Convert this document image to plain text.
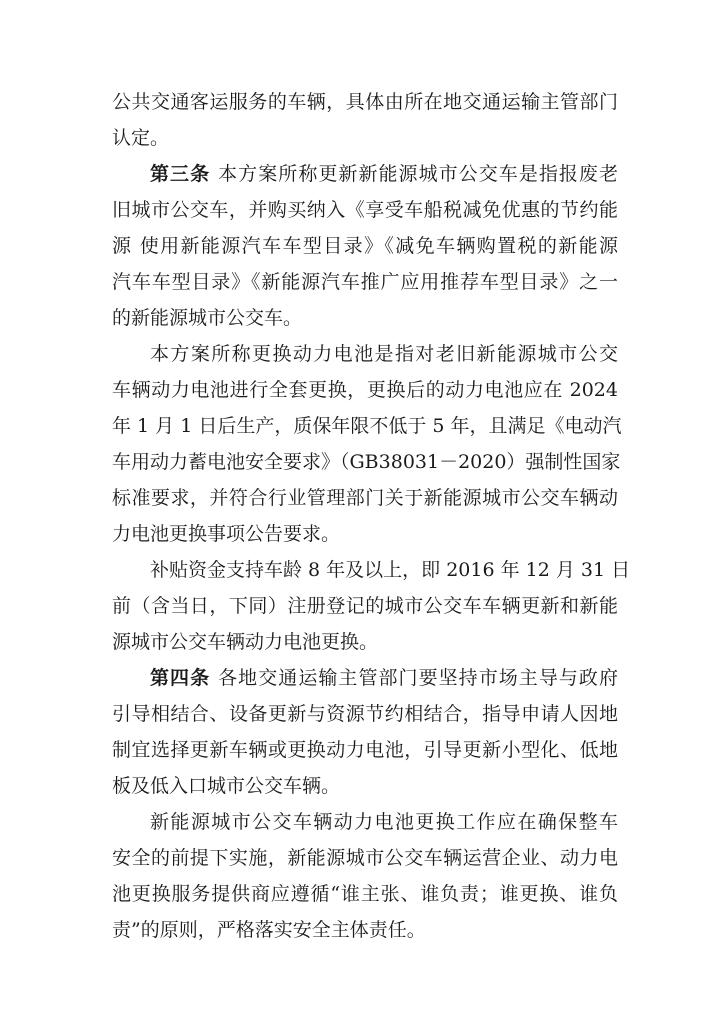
公共交通客运服务的车辆，具体由所在地交通运输主管部门
认定。
第三条 本方案所称更新新能源城市公交车是指报废老
旧城市公交车，并购买纳入《享受车船税减免优惠的节约能
源 使用新能源汽车车型目录》《减免车辆购置税的新能源
汽车车型目录》《新能源汽车推广应用推荐车型目录》之一
的新能源城市公交车。
本方案所称更换动力电池是指对老旧新能源城市公交
车辆动力电池进行全套更换，更换后的动力电池应在 2024
年 1 月 1 日后生产，质保年限不低于 5 年，且满足《电动汽
车用动力蓄电池安全要求》（GB38031－2020）强制性国家
标准要求，并符合行业管理部门关于新能源城市公交车辆动
力电池更换事项公告要求。
补贴资金支持车龄 8 年及以上，即 2016 年 12 月 31 日
前（含当日，下同）注册登记的城市公交车车辆更新和新能
源城市公交车辆动力电池更换。
第四条 各地交通运输主管部门要坚持市场主导与政府
引导相结合、设备更新与资源节约相结合，指导申请人因地
制宜选择更新车辆或更换动力电池，引导更新小型化、低地
板及低入口城市公交车辆。
新能源城市公交车辆动力电池更换工作应在确保整车
安全的前提下实施，新能源城市公交车辆运营企业、动力电
池更换服务提供商应遵循“谁主张、谁负责；谁更换、谁负
责”的原则，严格落实安全主体责任。
